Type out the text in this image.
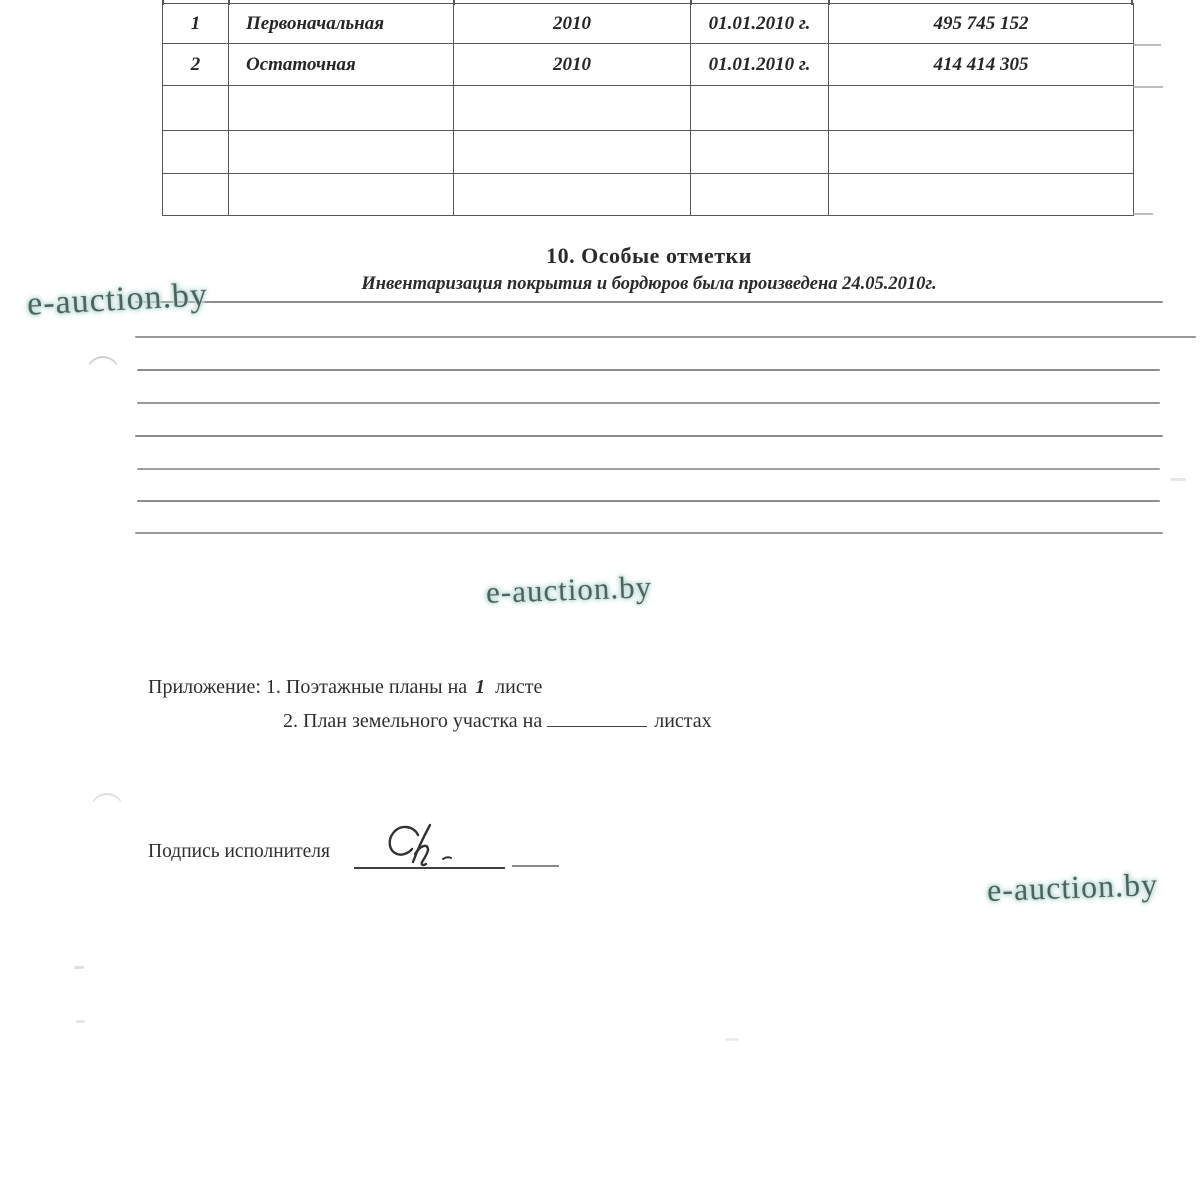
1	Первоначальная	2010	01.01.2010 г.	495 745 152
2	Остаточная	2010	01.01.2010 г.	414 414 305

10. Особые отметки
Инвентаризация покрытия и бордюров была произведена 24.05.2010г.
e-auction.by
e-auction.by
e-auction.by
Приложение: 1. Поэтажные планы на 1 листе
2. План земельного участка на	листах
Подпись исполнителя
